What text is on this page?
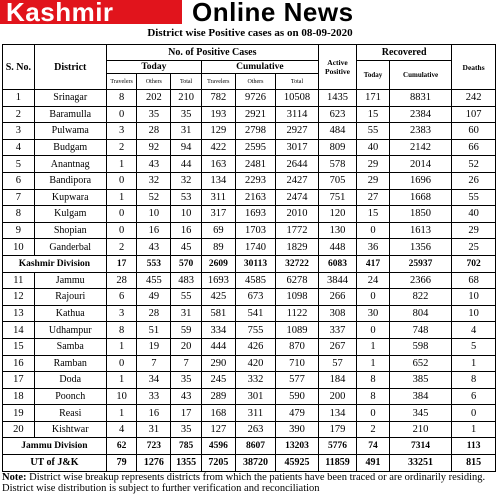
Kashmir	Online News
District wise Positive cases as on 08-09-2020
S. No.	District	No. of Positive Cases						Active Positive	Recovered		Deaths
		Today			Cumulative				Today	Cumulative	
		Travelers	Others	Total	Travelers	Others	Total				
1	Srinagar	8	202	210	782	9726	10508	1435	171	8831	242
2	Baramulla	0	35	35	193	2921	3114	623	15	2384	107
3	Pulwama	3	28	31	129	2798	2927	484	55	2383	60
4	Budgam	2	92	94	422	2595	3017	809	40	2142	66
5	Anantnag	1	43	44	163	2481	2644	578	29	2014	52
6	Bandipora	0	32	32	134	2293	2427	705	29	1696	26
7	Kupwara	1	52	53	311	2163	2474	751	27	1668	55
8	Kulgam	0	10	10	317	1693	2010	120	15	1850	40
9	Shopian	0	16	16	69	1703	1772	130	0	1613	29
10	Ganderbal	2	43	45	89	1740	1829	448	36	1356	25
Kashmir Division		17	553	570	2609	30113	32722	6083	417	25937	702
11	Jammu	28	455	483	1693	4585	6278	3844	24	2366	68
12	Rajouri	6	49	55	425	673	1098	266	0	822	10
13	Kathua	3	28	31	581	541	1122	308	30	804	10
14	Udhampur	8	51	59	334	755	1089	337	0	748	4
15	Samba	1	19	20	444	426	870	267	1	598	5
16	Ramban	0	7	7	290	420	710	57	1	652	1
17	Doda	1	34	35	245	332	577	184	8	385	8
18	Poonch	10	33	43	289	301	590	200	8	384	6
19	Reasi	1	16	17	168	311	479	134	0	345	0
20	Kishtwar	4	31	35	127	263	390	179	2	210	1
Jammu Division		62	723	785	4596	8607	13203	5776	74	7314	113
UT of J&K		79	1276	1355	7205	38720	45925	11859	491	33251	815
Note: District wise breakup represents districts from which the patients have been traced or are ordinarily residing.
District wise distribution is subject to further verification and reconciliation
